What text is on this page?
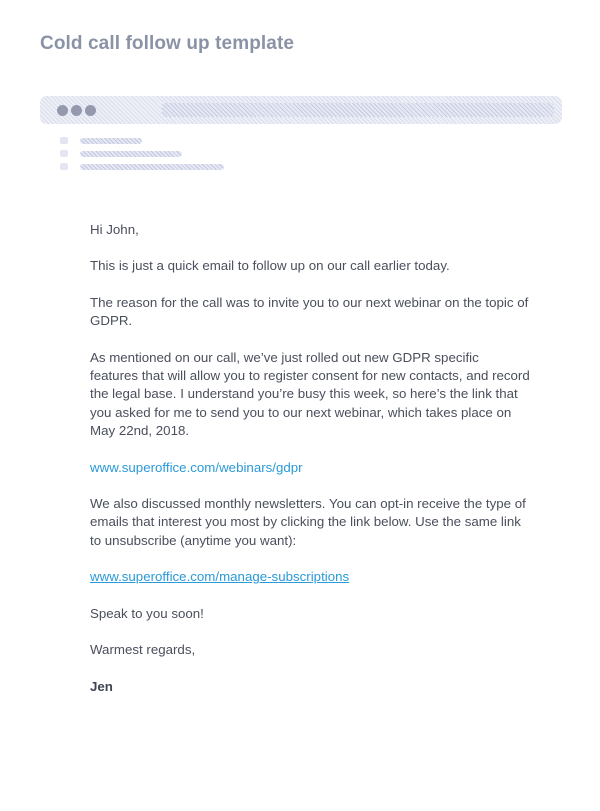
Cold call follow up template

Hi John,

This is just a quick email to follow up on our call earlier today.

The reason for the call was to invite you to our next webinar on the topic of GDPR.

As mentioned on our call, we’ve just rolled out new GDPR specific features that will allow you to register consent for new contacts, and record the legal base. I understand you’re busy this week, so here’s the link that you asked for me to send you to our next webinar, which takes place on May 22nd, 2018.

www.superoffice.com/webinars/gdpr

We also discussed monthly newsletters. You can opt-in receive the type of emails that interest you most by clicking the link below. Use the same link to unsubscribe (anytime you want):

www.superoffice.com/manage-subscriptions

Speak to you soon!

Warmest regards,

Jen
